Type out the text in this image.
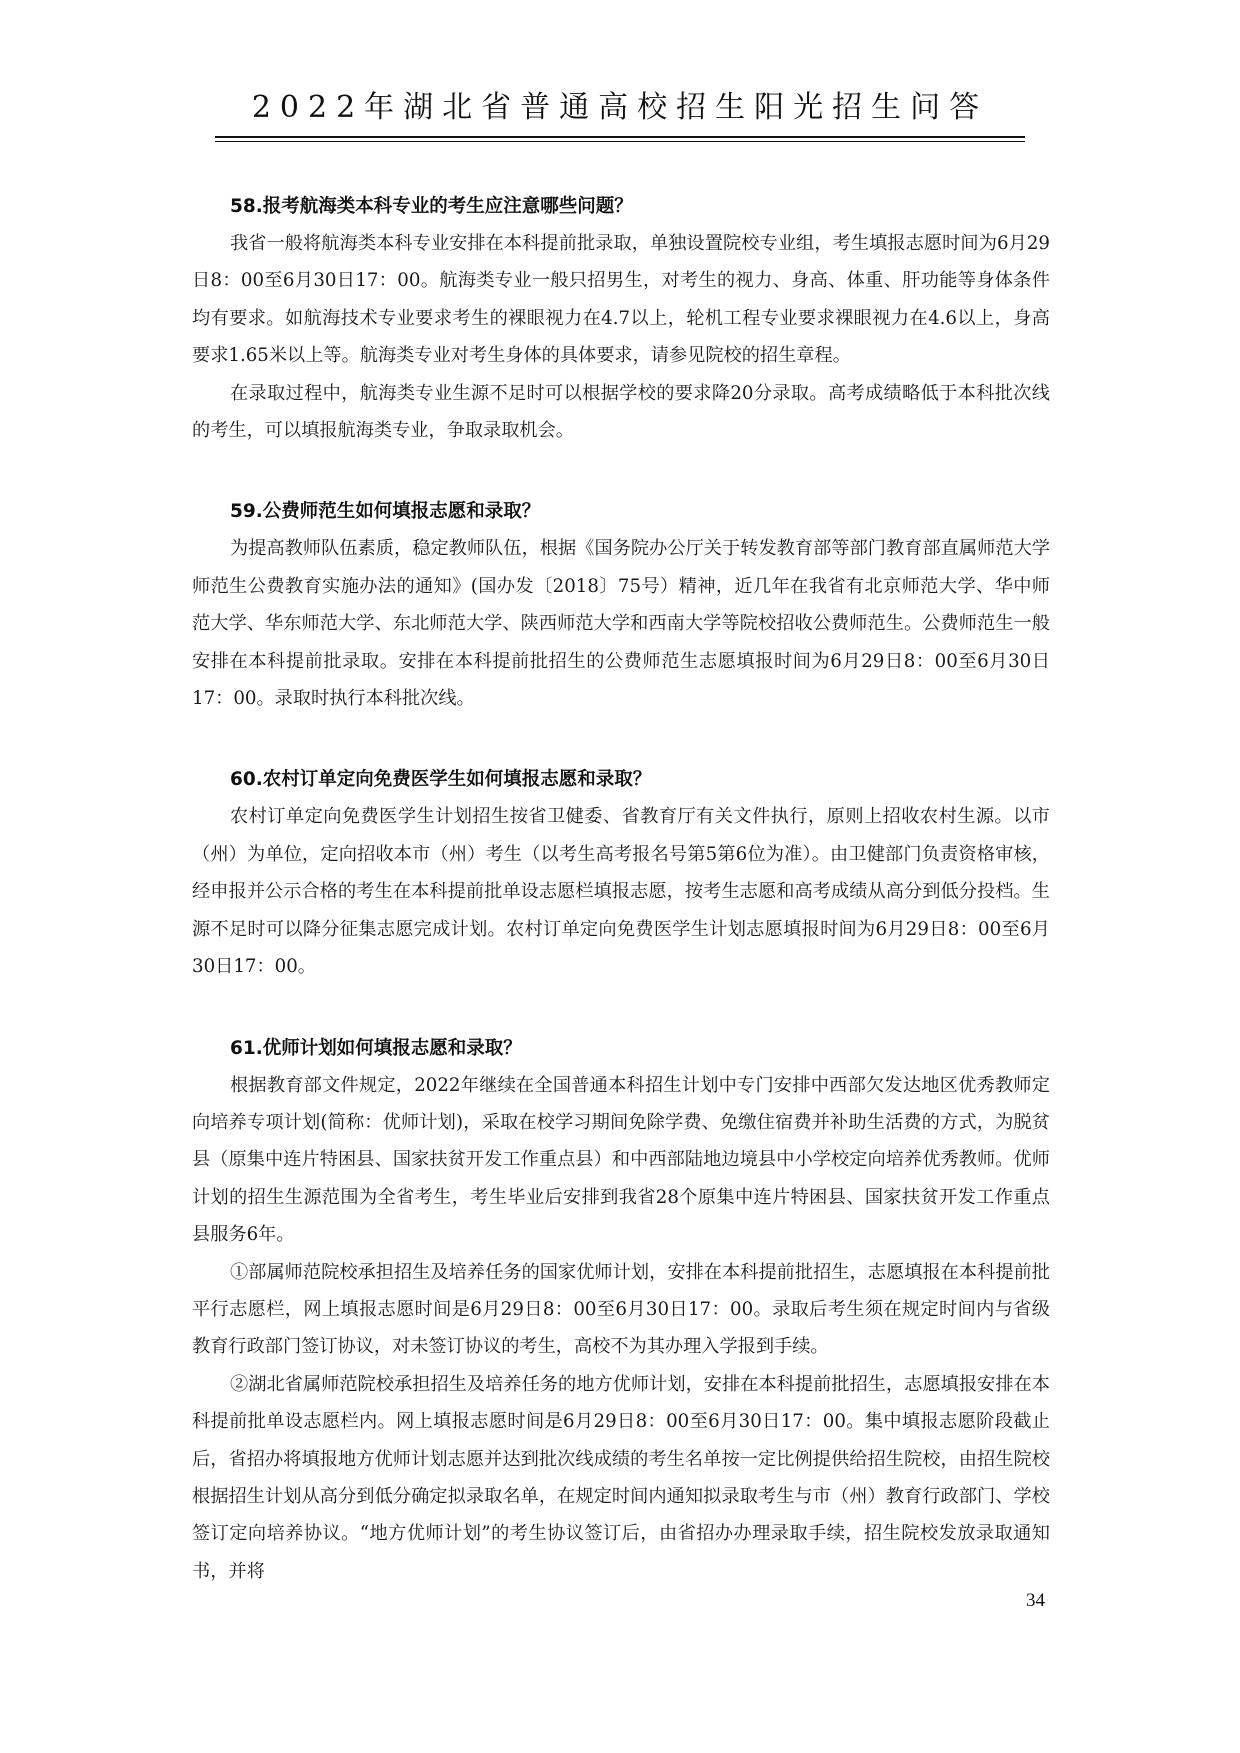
2022年湖北省普通高校招生阳光招生问答
58.报考航海类本科专业的考生应注意哪些问题？

我省一般将航海类本科专业安排在本科提前批录取，单独设置院校专业组，考生填报志愿时间为6月29日8：00至6月30日17：00。航海类专业一般只招男生，对考生的视力、身高、体重、肝功能等身体条件均有要求。如航海技术专业要求考生的裸眼视力在4.7以上，轮机工程专业要求裸眼视力在4.6以上，身高要求1.65米以上等。航海类专业对考生身体的具体要求，请参见院校的招生章程。

在录取过程中，航海类专业生源不足时可以根据学校的要求降20分录取。高考成绩略低于本科批次线的考生，可以填报航海类专业，争取录取机会。

59.公费师范生如何填报志愿和录取？

为提高教师队伍素质，稳定教师队伍，根据《国务院办公厅关于转发教育部等部门教育部直属师范大学师范生公费教育实施办法的通知》(国办发〔2018〕75号）精神，近几年在我省有北京师范大学、华中师范大学、华东师范大学、东北师范大学、陕西师范大学和西南大学等院校招收公费师范生。公费师范生一般安排在本科提前批录取。安排在本科提前批招生的公费师范生志愿填报时间为6月29日8：00至6月30日17：00。录取时执行本科批次线。

60.农村订单定向免费医学生如何填报志愿和录取？

农村订单定向免费医学生计划招生按省卫健委、省教育厅有关文件执行，原则上招收农村生源。以市（州）为单位，定向招收本市（州）考生（以考生高考报名号第5第6位为准）。由卫健部门负责资格审核，经申报并公示合格的考生在本科提前批单设志愿栏填报志愿，按考生志愿和高考成绩从高分到低分投档。生源不足时可以降分征集志愿完成计划。农村订单定向免费医学生计划志愿填报时间为6月29日8：00至6月30日17：00。

61.优师计划如何填报志愿和录取？

根据教育部文件规定，2022年继续在全国普通本科招生计划中专门安排中西部欠发达地区优秀教师定向培养专项计划(简称：优师计划)，采取在校学习期间免除学费、免缴住宿费并补助生活费的方式，为脱贫县（原集中连片特困县、国家扶贫开发工作重点县）和中西部陆地边境县中小学校定向培养优秀教师。优师计划的招生生源范围为全省考生，考生毕业后安排到我省28个原集中连片特困县、国家扶贫开发工作重点县服务6年。

①部属师范院校承担招生及培养任务的国家优师计划，安排在本科提前批招生，志愿填报在本科提前批平行志愿栏，网上填报志愿时间是6月29日8：00至6月30日17：00。录取后考生须在规定时间内与省级教育行政部门签订协议，对未签订协议的考生，高校不为其办理入学报到手续。

②湖北省属师范院校承担招生及培养任务的地方优师计划，安排在本科提前批招生，志愿填报安排在本科提前批单设志愿栏内。网上填报志愿时间是6月29日8：00至6月30日17：00。集中填报志愿阶段截止后，省招办将填报地方优师计划志愿并达到批次线成绩的考生名单按一定比例提供给招生院校，由招生院校根据招生计划从高分到低分确定拟录取名单，在规定时间内通知拟录取考生与市（州）教育行政部门、学校签订定向培养协议。“地方优师计划”的考生协议签订后，由省招办办理录取手续，招生院校发放录取通知书，并将

34
